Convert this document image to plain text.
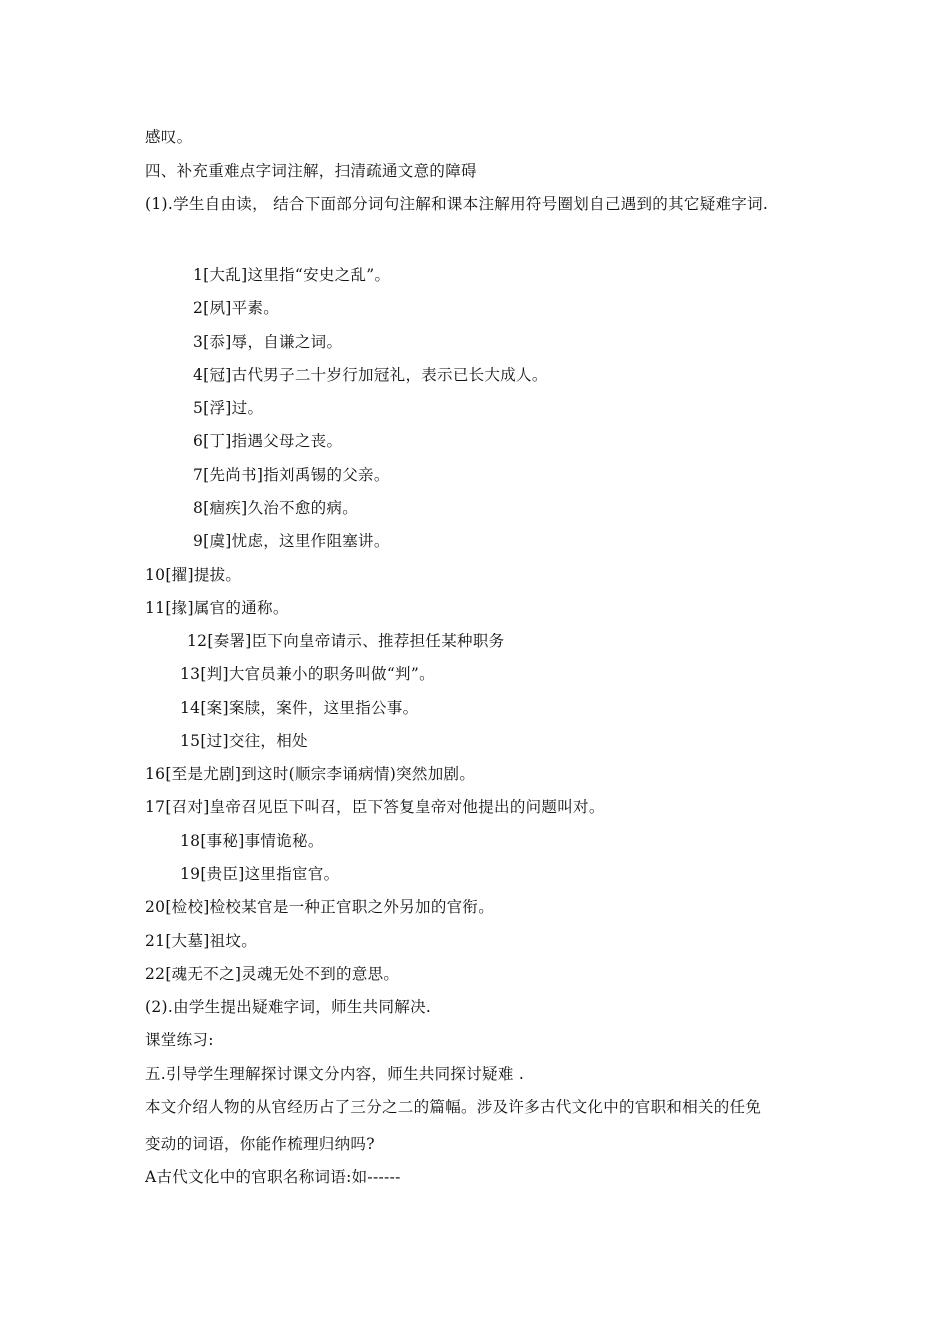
感叹。
四、补充重难点字词注解，扫清疏通文意的障碍
(1).学生自由读， 结合下面部分词句注解和课本注解用符号圈划自己遇到的其它疑难字词.
1[大乱]这里指“安史之乱”。
2[夙]平素。
3[忝]辱，自谦之词。
4[冠]古代男子二十岁行加冠礼，表示已长大成人。
5[浮]过。
6[丁]指遇父母之丧。
7[先尚书]指刘禹锡的父亲。
8[痼疾]久治不愈的病。
9[虞]忧虑，这里作阻塞讲。
10[擢]提拔。
11[掾]属官的通称。
12[奏署]臣下向皇帝请示、推荐担任某种职务
13[判]大官员兼小的职务叫做“判”。
14[案]案牍，案件，这里指公事。
15[过]交往，相处
16[至是尤剧]到这时(顺宗李诵病情)突然加剧。
17[召对]皇帝召见臣下叫召，臣下答复皇帝对他提出的问题叫对。
18[事秘]事情诡秘。
19[贵臣]这里指宦官。
20[检校]检校某官是一种正官职之外另加的官衔。
21[大墓]祖坟。
22[魂无不之]灵魂无处不到的意思。
(2).由学生提出疑难字词，师生共同解决.
课堂练习:
五.引导学生理解探讨课文分内容，师生共同探讨疑难 .
本文介绍人物的从官经历占了三分之二的篇幅。涉及许多古代文化中的官职和相关的任免
变动的词语，你能作梳理归纳吗?
A古代文化中的官职名称词语:如------
